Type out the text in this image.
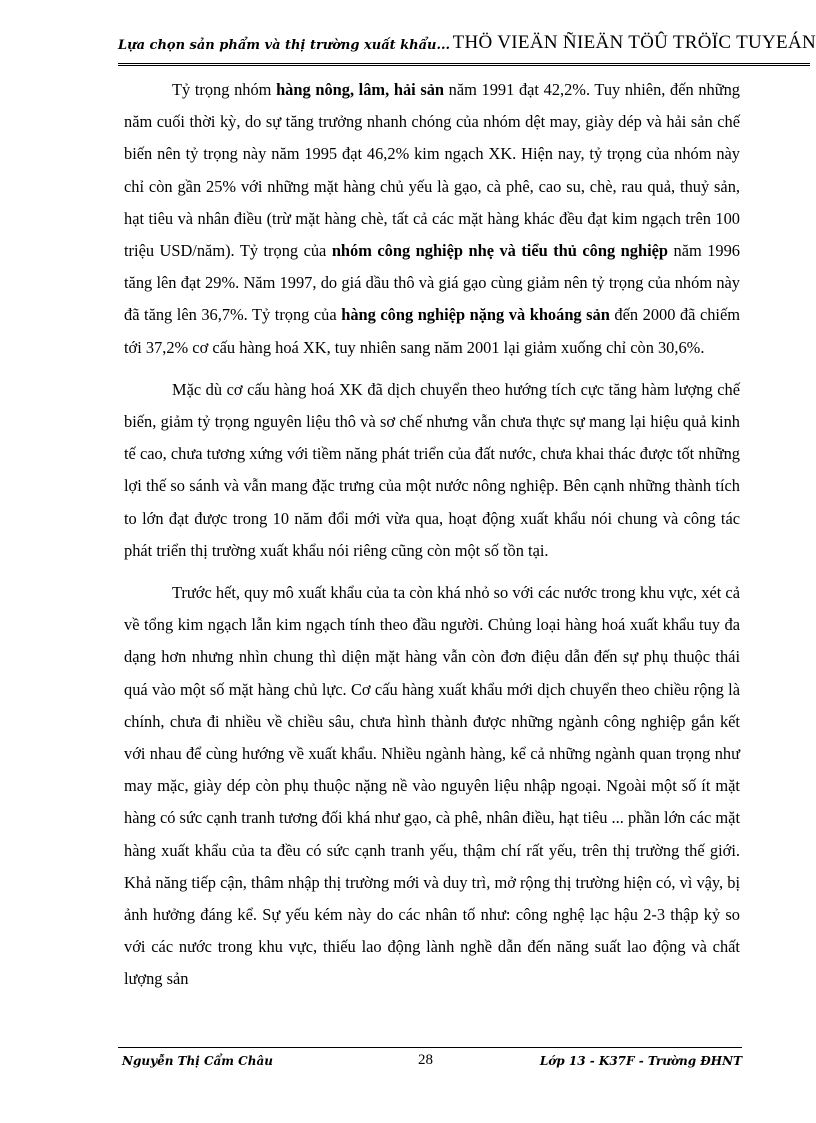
Lựa chọn sản phẩm và thị trường xuất khẩu... THÖ VIEÄN ÑIEÄN TÖÛ TRÖÏC TUYEÁN

Tỷ trọng nhóm hàng nông, lâm, hải sản năm 1991 đạt 42,2%. Tuy nhiên, đến những năm cuối thời kỳ, do sự tăng trưởng nhanh chóng của nhóm dệt may, giày dép và hải sản chế biến nên tỷ trọng này năm 1995 đạt 46,2% kim ngạch XK. Hiện nay, tỷ trọng của nhóm này chỉ còn gần 25% với những mặt hàng chủ yếu là gạo, cà phê, cao su, chè, rau quả, thuỷ sản, hạt tiêu và nhân điều (trừ mặt hàng chè, tất cả các mặt hàng khác đều đạt kim ngạch trên 100 triệu USD/năm). Tỷ trọng của nhóm công nghiệp nhẹ và tiểu thủ công nghiệp năm 1996 tăng lên đạt 29%. Năm 1997, do giá dầu thô và giá gạo cùng giảm nên tỷ trọng của nhóm này đã tăng lên 36,7%. Tỷ trọng của hàng công nghiệp nặng và khoáng sản đến 2000 đã chiếm tới 37,2% cơ cấu hàng hoá XK, tuy nhiên sang năm 2001 lại giảm xuống chỉ còn 30,6%.

Mặc dù cơ cấu hàng hoá XK đã dịch chuyển theo hướng tích cực tăng hàm lượng chế biến, giảm tỷ trọng nguyên liệu thô và sơ chế nhưng vẫn chưa thực sự mang lại hiệu quả kinh tế cao, chưa tương xứng với tiềm năng phát triển của đất nước, chưa khai thác được tốt những lợi thế so sánh và vẫn mang đặc trưng của một nước nông nghiệp. Bên cạnh những thành tích to lớn đạt được trong 10 năm đổi mới vừa qua, hoạt động xuất khẩu nói chung và công tác phát triển thị trường xuất khẩu nói riêng cũng còn một số tồn tại.

Trước hết, quy mô xuất khẩu của ta còn khá nhỏ so với các nước trong khu vực, xét cả về tổng kim ngạch lẫn kim ngạch tính theo đầu người. Chủng loại hàng hoá xuất khẩu tuy đa dạng hơn nhưng nhìn chung thì diện mặt hàng vẫn còn đơn điệu dẫn đến sự phụ thuộc thái quá vào một số mặt hàng chủ lực. Cơ cấu hàng xuất khẩu mới dịch chuyển theo chiều rộng là chính, chưa đi nhiều về chiều sâu, chưa hình thành được những ngành công nghiệp gắn kết với nhau để cùng hướng về xuất khẩu. Nhiều ngành hàng, kể cả những ngành quan trọng như may mặc, giày dép còn phụ thuộc nặng nề vào nguyên liệu nhập ngoại. Ngoài một số ít mặt hàng có sức cạnh tranh tương đối khá như gạo, cà phê, nhân điều, hạt tiêu ... phần lớn các mặt hàng xuất khẩu của ta đều có sức cạnh tranh yếu, thậm chí rất yếu, trên thị trường thế giới. Khả năng tiếp cận, thâm nhập thị trường mới và duy trì, mở rộng thị trường hiện có, vì vậy, bị ảnh hưởng đáng kể. Sự yếu kém này do các nhân tố như: công nghệ lạc hậu 2-3 thập kỷ so với các nước trong khu vực, thiếu lao động lành nghề dẫn đến năng suất lao động và chất lượng sản

Nguyễn Thị Cẩm Châu	28	Lớp 13 - K37F - Trường ĐHNT
